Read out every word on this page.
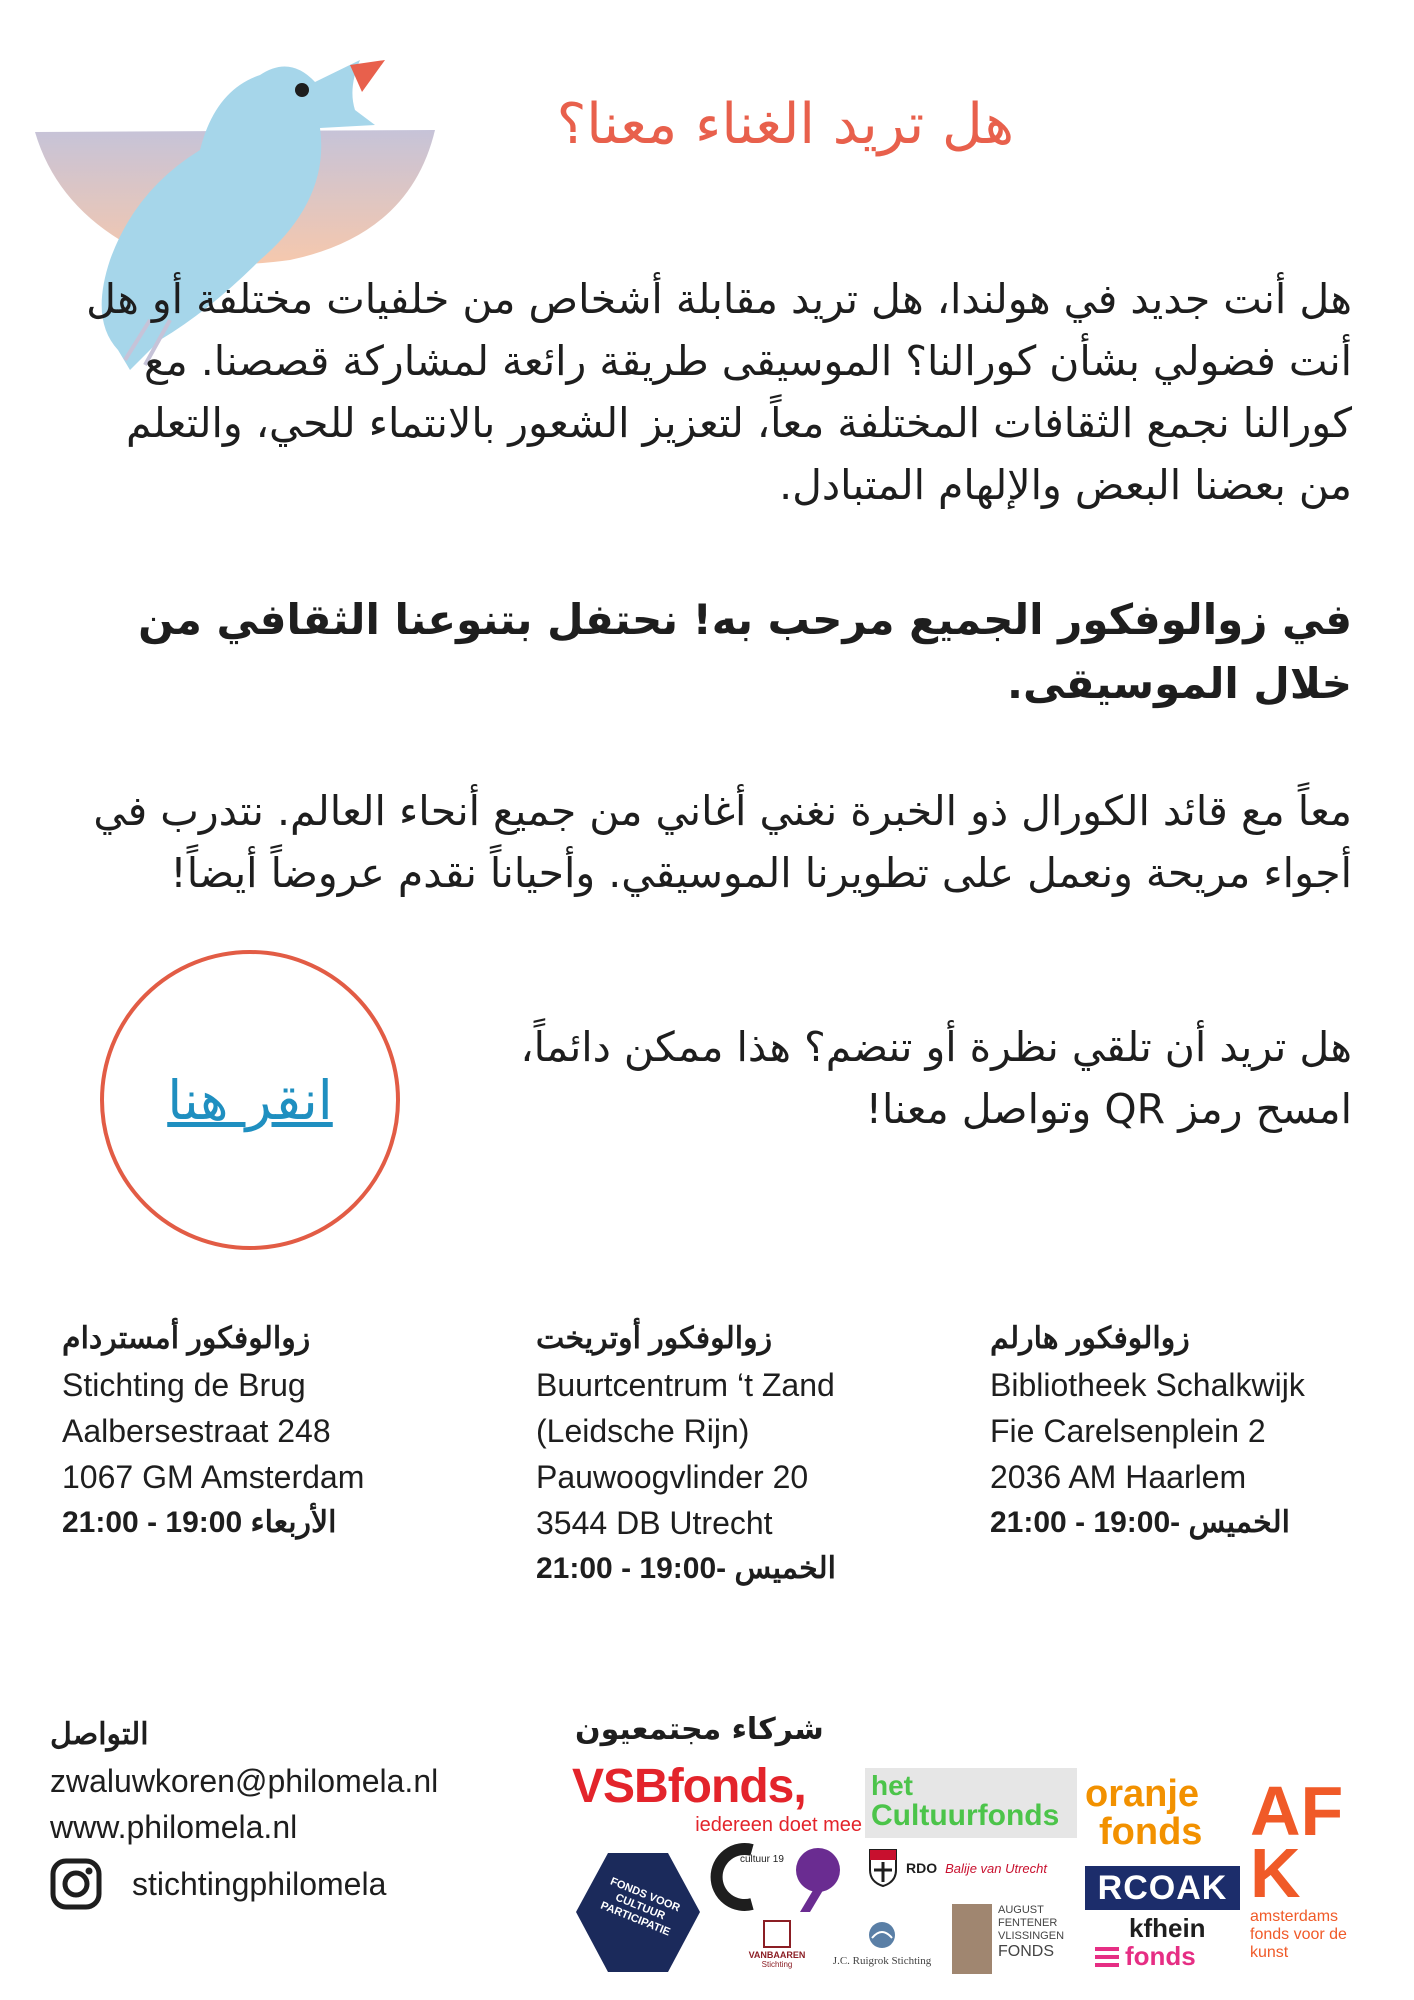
هل تريد الغناء معنا؟
هل أنت جديد في هولندا، هل تريد مقابلة أشخاص من خلفيات مختلفة أو هل أنت فضولي بشأن كورالنا؟ الموسيقى طريقة رائعة لمشاركة قصصنا. مع كورالنا نجمع الثقافات المختلفة معاً، لتعزيز الشعور بالانتماء للحي، والتعلم من بعضنا البعض والإلهام المتبادل.
في زوالوفكور الجميع مرحب به! نحتفل بتنوعنا الثقافي من خلال الموسيقى.
معاً مع قائد الكورال ذو الخبرة نغني أغاني من جميع أنحاء العالم. نتدرب في أجواء مريحة ونعمل على تطويرنا الموسيقي. وأحياناً نقدم عروضاً أيضاً!
هل تريد أن تلقي نظرة أو تنضم؟ هذا ممكن دائماً، امسح رمز QR وتواصل معنا!
انقر هنا
زوالوفكور أمستردام
Stichting de Brug
Aalbersestraat 248
1067 GM Amsterdam
الأربعاء 19:00 - 21:00
زوالوفكور أوتريخت
Buurtcentrum ‘t Zand
(Leidsche Rijn)
Pauwoogvlinder 20
3544 DB Utrecht
الخميس -19:00 - 21:00
زوالوفكور هارلم
Bibliotheek Schalkwijk
Fie Carelsenplein 2
2036 AM Haarlem
الخميس -19:00 - 21:00
التواصل
zwaluwkoren@philomela.nl
www.philomela.nl
stichtingphilomela
شركاء مجتمعيون
VSBfonds,
iedereen doet mee
het
Cultuurfonds
oranje
fonds AFK
amsterdams fonds voor de kunst
FONDS VOOR CULTUUR PARTICIPATIE
cultuur 19
RDO Balije van Utrecht
RCOAK
kfhein
fonds
VANBAAREN
Stichting	J.C. Ruigrok Stichting
AUGUST
FENTENER
VLISSINGEN
FONDS
